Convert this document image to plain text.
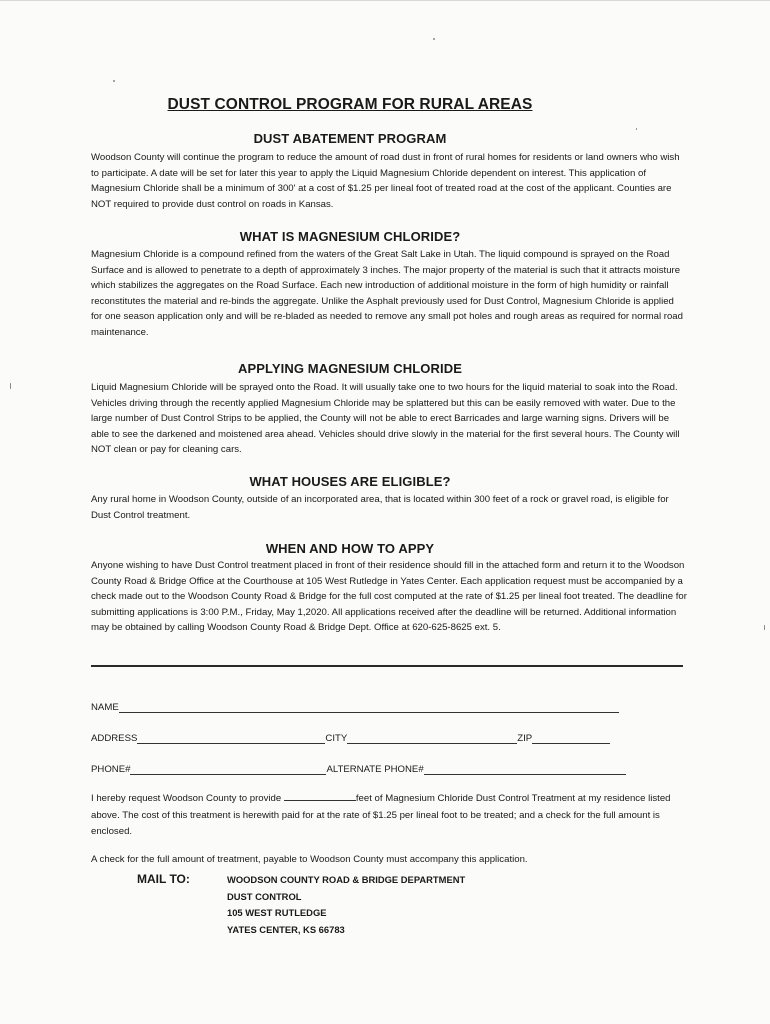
DUST CONTROL PROGRAM FOR RURAL AREAS
DUST ABATEMENT PROGRAM

Woodson County will continue the program to reduce the amount of road dust in front of rural homes for residents or land owners who wish to participate. A date will be set for later this year to apply the Liquid Magnesium Chloride dependent on interest. This application of Magnesium Chloride shall be a minimum of 300' at a cost of $1.25 per lineal foot of treated road at the cost of the applicant. Counties are NOT required to provide dust control on roads in Kansas.

WHAT IS MAGNESIUM CHLORIDE?

Magnesium Chloride is a compound refined from the waters of the Great Salt Lake in Utah. The liquid compound is sprayed on the Road Surface and is allowed to penetrate to a depth of approximately 3 inches. The major property of the material is such that it attracts moisture which stabilizes the aggregates on the Road Surface. Each new introduction of additional moisture in the form of high humidity or rainfall reconstitutes the material and re-binds the aggregate. Unlike the Asphalt previously used for Dust Control, Magnesium Chloride is applied for one season application only and will be re-bladed as needed to remove any small pot holes and rough areas as required for normal road maintenance.

APPLYING MAGNESIUM CHLORIDE

Liquid Magnesium Chloride will be sprayed onto the Road. It will usually take one to two hours for the liquid material to soak into the Road. Vehicles driving through the recently applied Magnesium Chloride may be splattered but this can be easily removed with water. Due to the large number of Dust Control Strips to be applied, the County will not be able to erect Barricades and large warning signs. Drivers will be able to see the darkened and moistened area ahead. Vehicles should drive slowly in the material for the first several hours. The County will NOT clean or pay for cleaning cars.

WHAT HOUSES ARE ELIGIBLE?

Any rural home in Woodson County, outside of an incorporated area, that is located within 300 feet of a rock or gravel road, is eligible for Dust Control treatment.

WHEN AND HOW TO APPY

Anyone wishing to have Dust Control treatment placed in front of their residence should fill in the attached form and return it to the Woodson County Road & Bridge Office at the Courthouse at 105 West Rutledge in Yates Center. Each application request must be accompanied by a check made out to the Woodson County Road & Bridge for the full cost computed at the rate of $1.25 per lineal foot treated. The deadline for submitting applications is 3:00 P.M., Friday, May 1,2020. All applications received after the deadline will be returned. Additional information may be obtained by calling Woodson County Road & Bridge Dept. Office at 620-625-8625 ext. 5.

NAME
ADDRESS	CITY	ZIP
PHONE#	ALTERNATE PHONE#

I hereby request Woodson County to provide	feet of Magnesium Chloride Dust Control Treatment at my residence listed above. The cost of this treatment is herewith paid for at the rate of $1.25 per lineal foot to be treated; and a check for the full amount is enclosed.

A check for the full amount of treatment, payable to Woodson County must accompany this application.

MAIL TO:	WOODSON COUNTY ROAD & BRIDGE DEPARTMENT
DUST CONTROL
105 WEST RUTLEDGE
YATES CENTER, KS 66783
